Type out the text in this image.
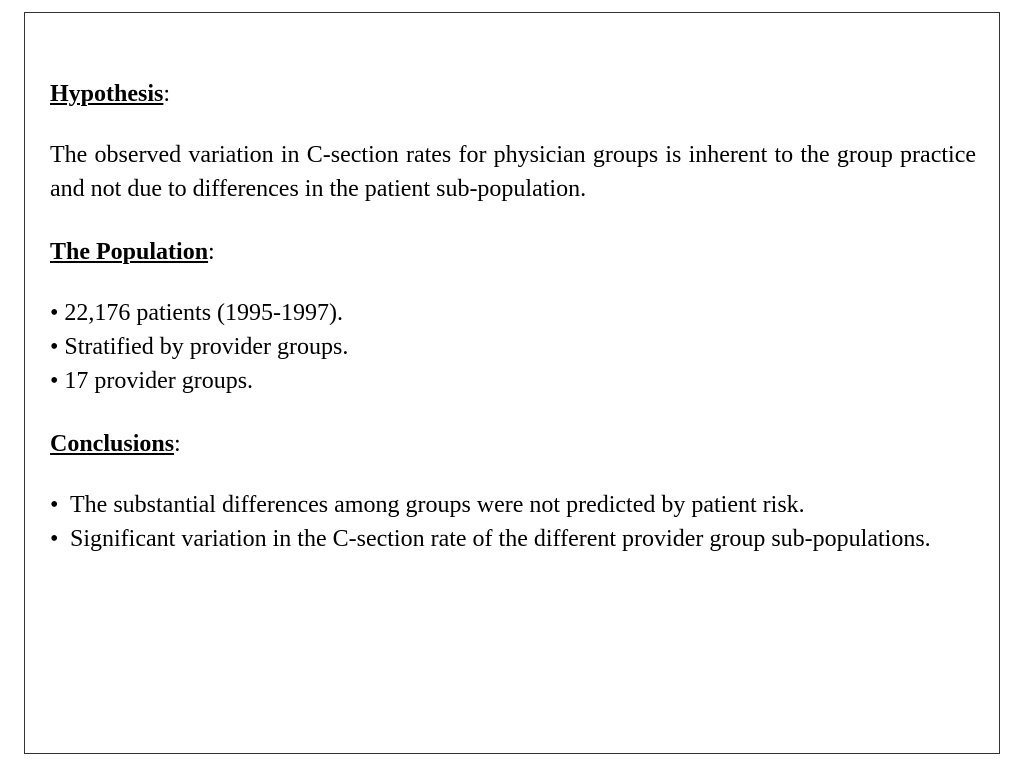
Hypothesis:

The observed variation in C-section rates for physician groups is inherent to the group practice and not due to differences in the patient sub-population.

The Population:

• 22,176 patients (1995-1997).
• Stratified by provider groups.
• 17 provider groups.

Conclusions:

• The substantial differences among groups were not predicted by patient risk.
• Significant variation in the C-section rate of the different provider group sub-populations.
